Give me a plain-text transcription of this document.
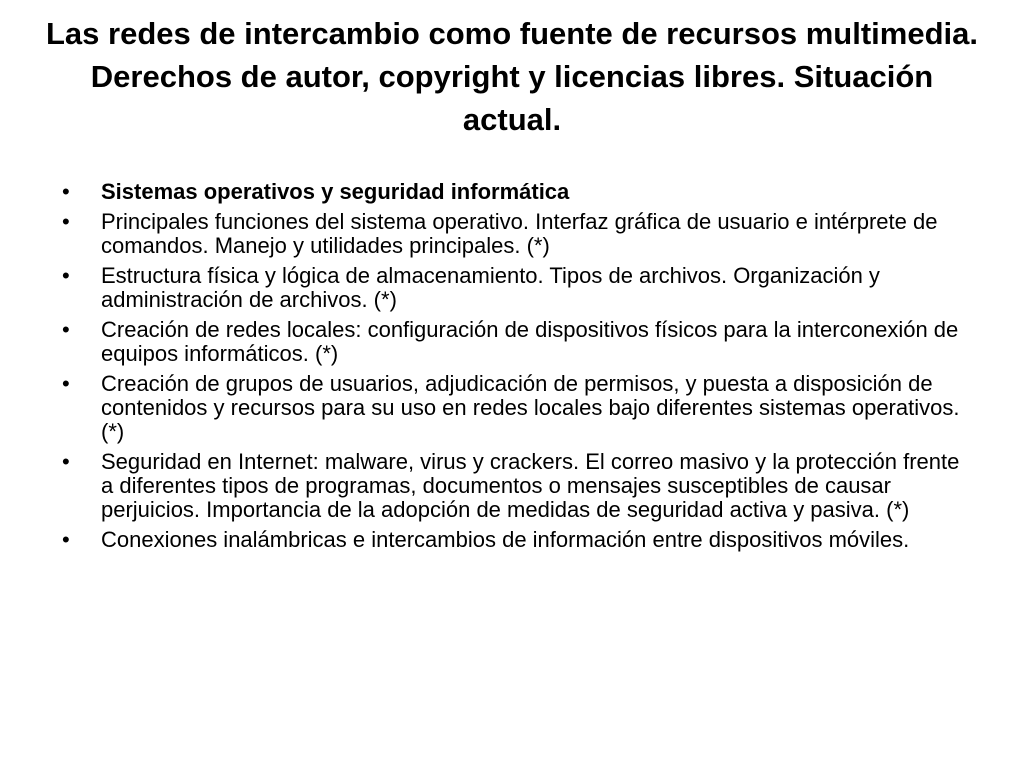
Las redes de intercambio como fuente de recursos multimedia. Derechos de autor, copyright y licencias libres. Situación actual.
• Sistemas operativos y seguridad informática
• Principales funciones del sistema operativo. Interfaz gráfica de usuario e intérprete de comandos. Manejo y utilidades principales. (*)
• Estructura física y lógica de almacenamiento. Tipos de archivos. Organización y administración de archivos. (*)
• Creación de redes locales: configuración de dispositivos físicos para la interconexión de equipos informáticos. (*)
• Creación de grupos de usuarios, adjudicación de permisos, y puesta a disposición de contenidos y recursos para su uso en redes locales bajo diferentes sistemas operativos. (*)
• Seguridad en Internet: malware, virus y crackers. El correo masivo y la protección frente a diferentes tipos de programas, documentos o mensajes susceptibles de causar perjuicios. Importancia de la adopción de medidas de seguridad activa y pasiva. (*)
• Conexiones inalámbricas e intercambios de información entre dispositivos móviles.
